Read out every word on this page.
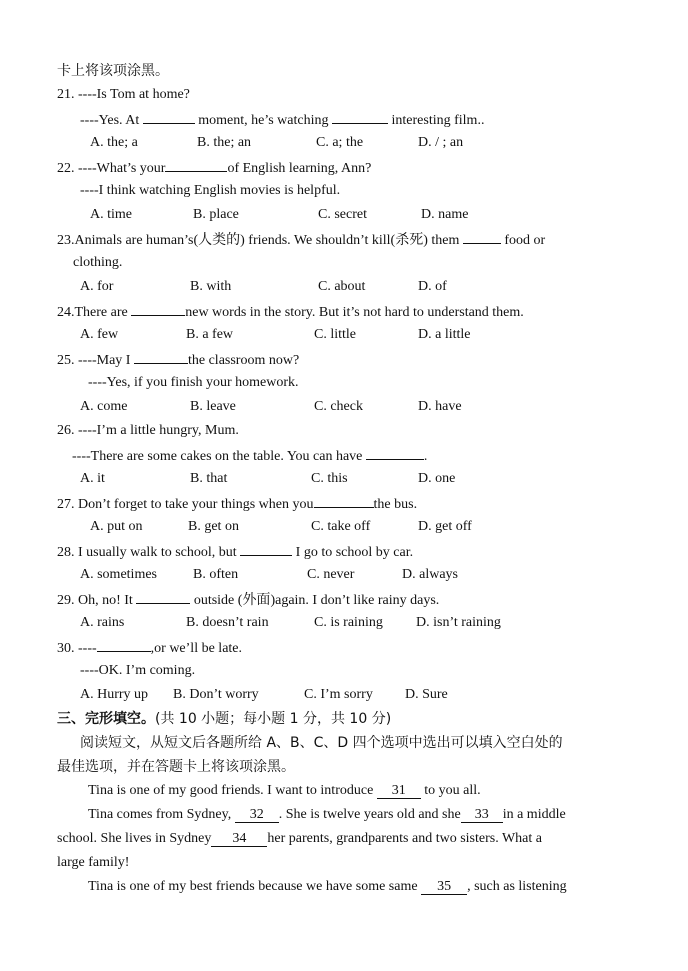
卡上将该项涂黑。
21. ----Is Tom at home?
----Yes. At	moment, he’s watching	interesting film..
A. the; a	B. the; an	C. a; the	D. / ; an
22. ----What’s your	of English learning, Ann?
----I think watching English movies is helpful.
A. time	B. place	C. secret	D. name
23.Animals are human’s(人类的) friends. We shouldn’t kill(杀死) them	food or
clothing.
A. for	B. with	C. about	D. of
24.There are	new words in the story. But it’s not hard to understand them.
A. few	B. a few	C. little	D. a little
25. ----May I	the classroom now?
----Yes, if you finish your homework.
A. come	B. leave	C. check	D. have
26. ----I’m a little hungry, Mum.
----There are some cakes on the table. You can have	.
A. it	B. that	C. this	D. one
27. Don’t forget to take your things when you	the bus.
A. put on	B. get on	C. take off	D. get off
28. I usually walk to school, but	I go to school by car.
A. sometimes	B. often	C. never	D. always
29. Oh, no! It	outside (外面)again. I don’t like rainy days.
A. rains	B. doesn’t rain	C. is raining D. isn’t raining
30. ----	,or we’ll be late.
----OK. I’m coming.
A. Hurry up B. Don’t worry	C. I’m sorry D. Sure
三、完形填空。(共 10 小题；每小题 1 分，共 10 分)
阅读短文，从短文后各题所给 A、B、C、D 四个选项中选出可以填入空白处的
最佳选项，并在答题卡上将该项涂黑。
Tina is one of my good friends. I want to introduce 31 to you all.
Tina comes from Sydney, 32 . She is twelve years old and she 33 in a middle
school. She lives in Sydney 34 her parents, grandparents and two sisters. What a
large family!
Tina is one of my best friends because we have some same 35 , such as listening
